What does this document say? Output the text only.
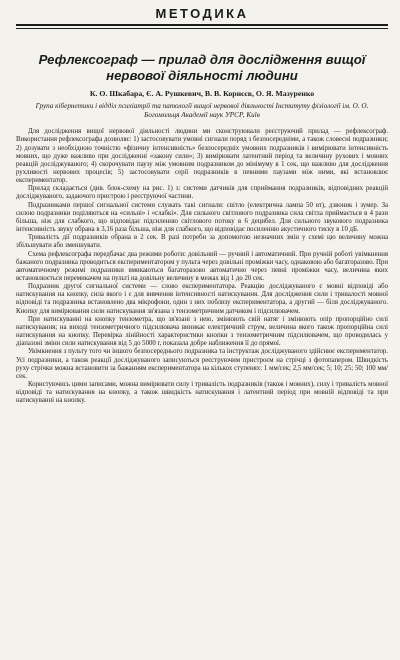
МЕТОДИКА
Рефлексограф — прилад для дослідження вищої нервової діяльності людини
К. О. Шкабара, Є. А. Рушкевич, В. В. Корнєєв, О. Я. Мазуренко
Група кібернетики і відділ психіатрії та патології вищої нервової діяльності Інституту фізіології ім. О. О. Богомольця Академії наук УРСР, Київ

Для дослідження вищої нервової діяльності людини ми сконструювали реєструючий прилад — рефлексограф. Використання рефлексографа дозволяє: 1) застосовувати умовні сигнали поряд з безпосередніми, а також словесні подразники; 2) дозувати з необхідною точністю «фізичну інтенсивність» безпосередніх умовних подразників і вимірювати інтенсивність мовних, що дуже важливо при дослідженні «закону сили»; 3) вимірювати латентний період та величину рухових і мовних реакцій досліджуваного; 4) скорочувати паузу між умовним подразником до мінімуму в 1 сек, що важливо для дослідження рухливості нервових процесів; 5) застосовувати серії подразників в певними паузами між ними, які встановлює експериментатор.

Прилад складається (див. блок-схему на рис. 1) з: системи датчиків для сприймання подразників, відповідних реакцій досліджуваного, задаючого пристрою і реєструючої частини.

Подразниками першої сигнальної системи служать такі сигнали: світло (електрична лампа 50 вт), дзвоник і зумер. За силою подразники поділяються на «сильні» і «слабкі». Для сильного світлового подразника сила світла приймається в 4 рази більша, ніж для слабкого, що відповідає підсиленню світлового потоку в 6 децибел. Для сильного звукового подразника інтенсивність звуку обрана в 3,16 раза більша, ніж для слабкого, що відповідає посиленню акустичного тиску в 10 дБ.

Тривалість дії подразників обрана в 2 сек. В разі потреби за допомогою незначних змін у схемі цю величину можна збільшувати або зменшувати.

Схема рефлексографа передбачає два режими роботи: довільний — ручний і автоматичний. При ручній роботі увімкнення бажаного подразника проводиться експериментатором у пульта через довільні проміжки часу, однаковою або багаторазово. При автоматичному режимі подразники вмикаються багаторазово автоматично через певні проміжки часу, величина яких встановлюється перемикачем на пульті на довільну величину в межах від 1 до 20 сек.

Подразник другої сигнальної системи — слово експериментатора. Реакцію досліджуваного є мовні відповіді або натискування на кнопку, сила якого і є для вивчення інтенсивності натискування. Для дослідження сили і тривалості мовної відповіді та подразника встановлено два мікрофони, один з них поблизу експериментатора, а другий — біля досліджуваного. Кнопку для вимірювання сили натискування зв'язана з тензометричним датчиком і підсилювачем.

При натискуванні на кнопку тензометра, що зв'язані з нею, змінюють свій натяг і змінюють опір пропорційно силі натискування; на виході тензометричного підсилювача виникає електричний струм, величина якого також пропорційна силі натискування на кнопку. Перевірка лінійності характеристики кнопки з тензометричним підсилювачем, що проводилась у діапазоні зміни сили натискування від 5 до 5000 г, показала добре наближення її до прямої.

Увімкнення з пульту того чи іншого безпосереднього подразника та інструктаж досліджуваного здійснює експериментатор. Усі подразники, а також реакції досліджуваного записуються реєструючим пристроєм на стрічці з фотопапером. Швидкість руху стрічки можна встановити за бажанням експериментатора на кількох ступенях: 1 мм/сек; 2,5 мм/сек; 5; 10; 25; 50; 100 мм/сек.

Користуючись цими записами, можна вимірювати силу і тривалість подразників (також і мовних), силу і тривалість мовної відповіді та натискування на кнопку, а також швидкість натискування і латентний період при мовній відповіді та при натискуванні на кнопку.
